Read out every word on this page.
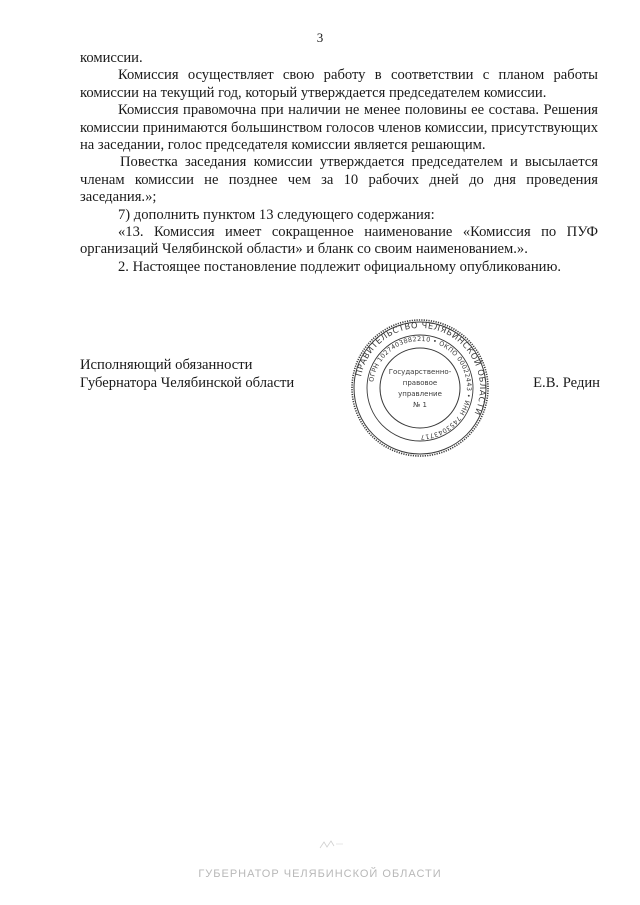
3

комиссии.

Комиссия осуществляет свою работу в соответствии с планом работы комиссии на текущий год, который утверждается председателем комиссии.

Комиссия правомочна при наличии не менее половины ее состава. Решения комиссии принимаются большинством голосов членов комиссии, присутствующих на заседании, голос председателя комиссии является решающим.

Повестка заседания комиссии утверждается председателем и высылается членам комиссии не позднее чем за 10 рабочих дней до дня проведения заседания.»;

7) дополнить пунктом 13 следующего содержания:

«13. Комиссия имеет сокращенное наименование «Комиссия по ПУФ организаций Челябинской области» и бланк со своим наименованием.».

2. Настоящее постановление подлежит официальному опубликованию.

Исполняющий обязанности
Губернатора Челябинской области	Е.В. Редин
ПРАВИТЕЛЬСТВО ЧЕЛЯБИНСКОЙ ОБЛАСТИ
ОГРН 1027403882210 • ОКПО 00022443 • ИНН 7453043717
Государственно-
правовое
управление
№ 1
ГУБЕРНАТОР ЧЕЛЯБИНСКОЙ ОБЛАСТИ
